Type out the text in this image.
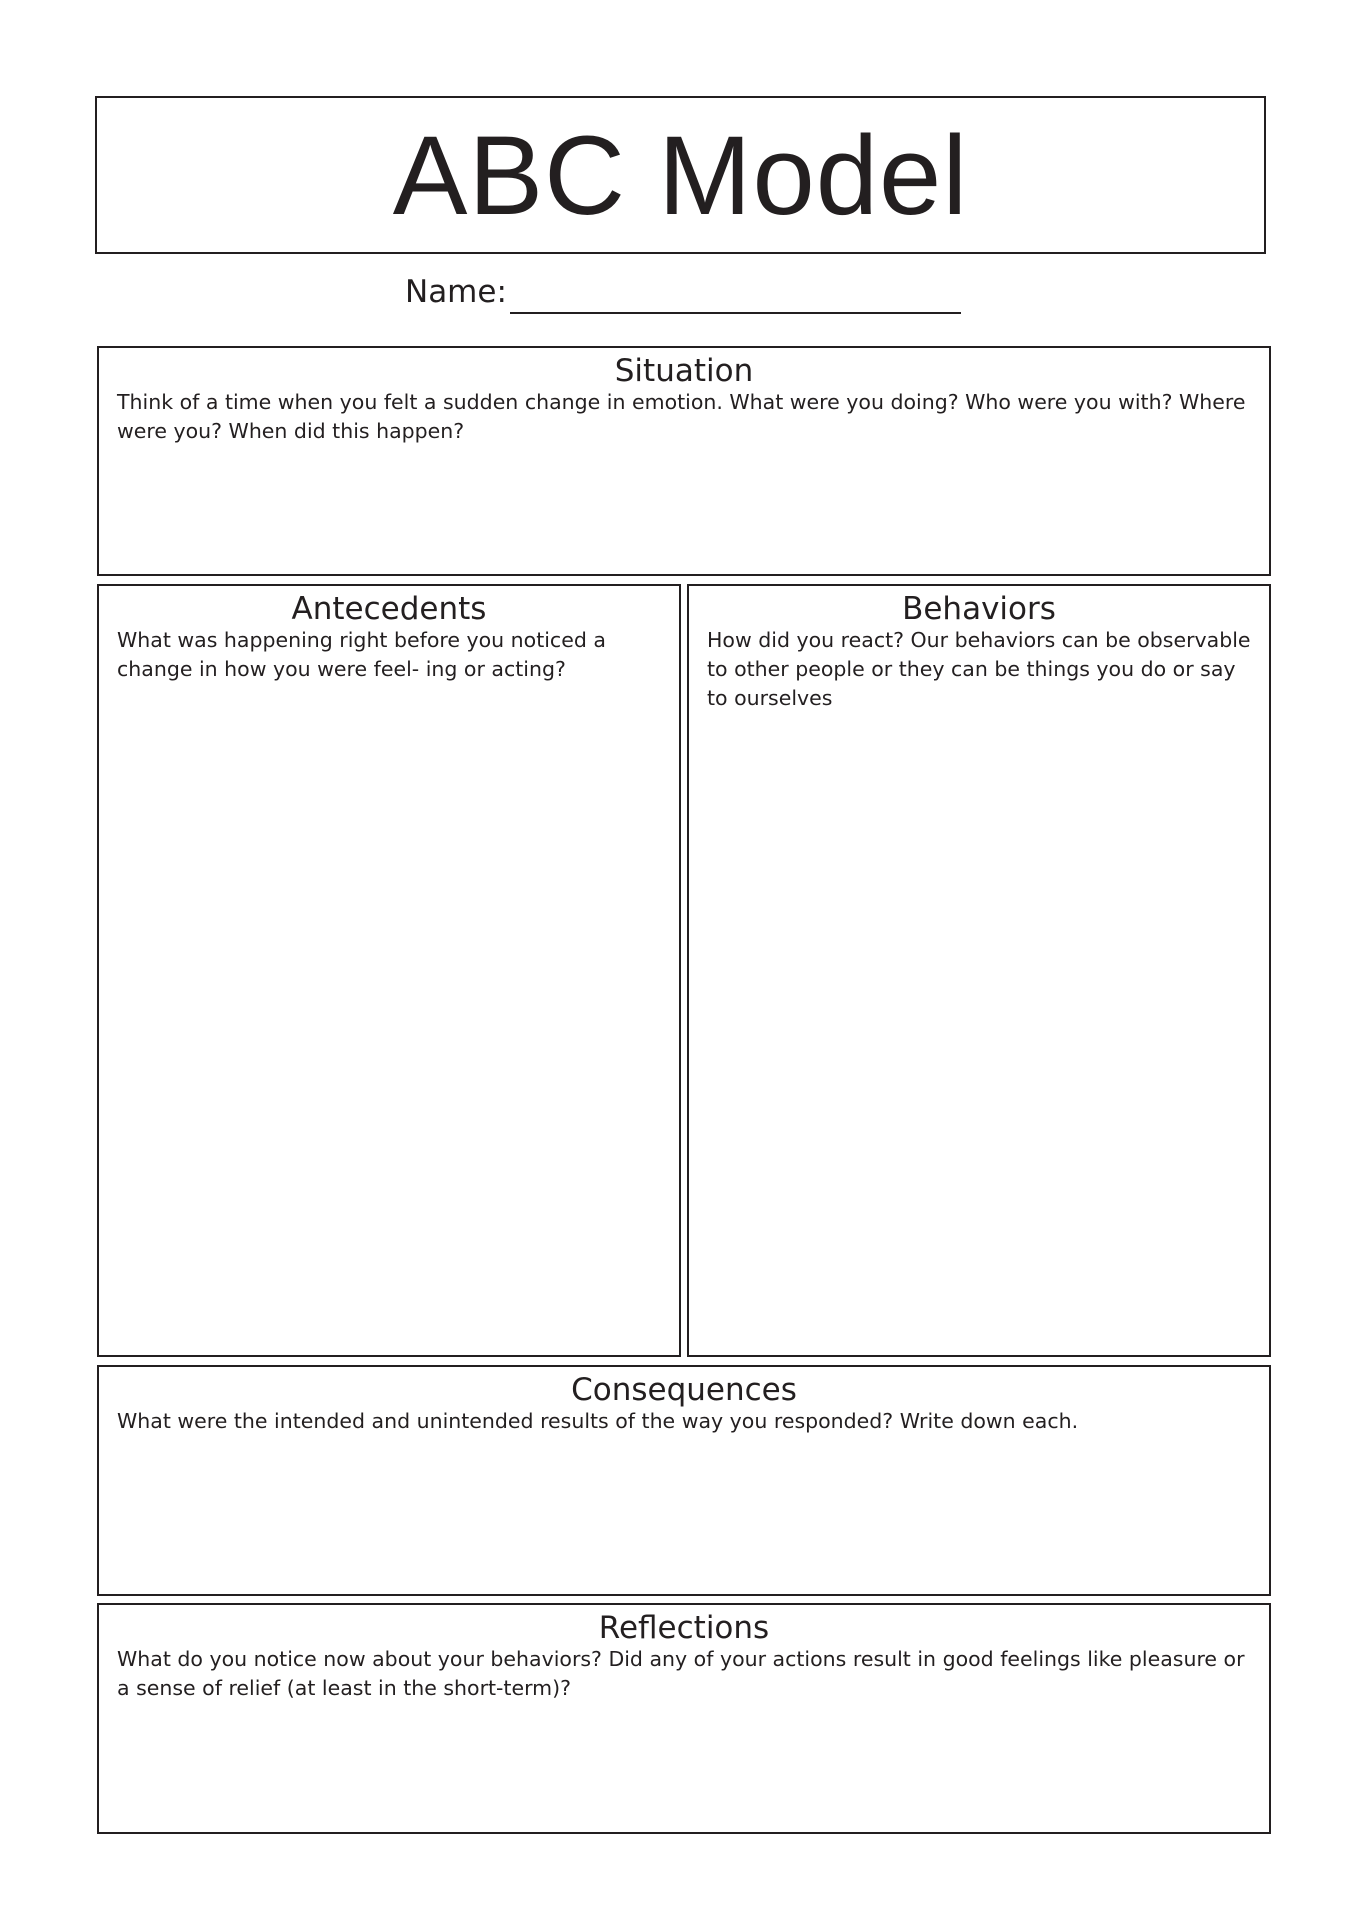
ABC Model
Name:
Situation
Think of a time when you felt a sudden change in emotion. What were you doing? Who were you with? Where were you? When did this happen?
Antecedents
What was happening right before you noticed a change in how you were feel- ing or acting?
Behaviors
How did you react? Our behaviors can be observable to other people or they can be things you do or say to ourselves
Consequences
What were the intended and unintended results of the way you responded? Write down each.
Reflections
What do you notice now about your behaviors? Did any of your actions result in good feelings like pleasure or a sense of relief (at least in the short-term)?
